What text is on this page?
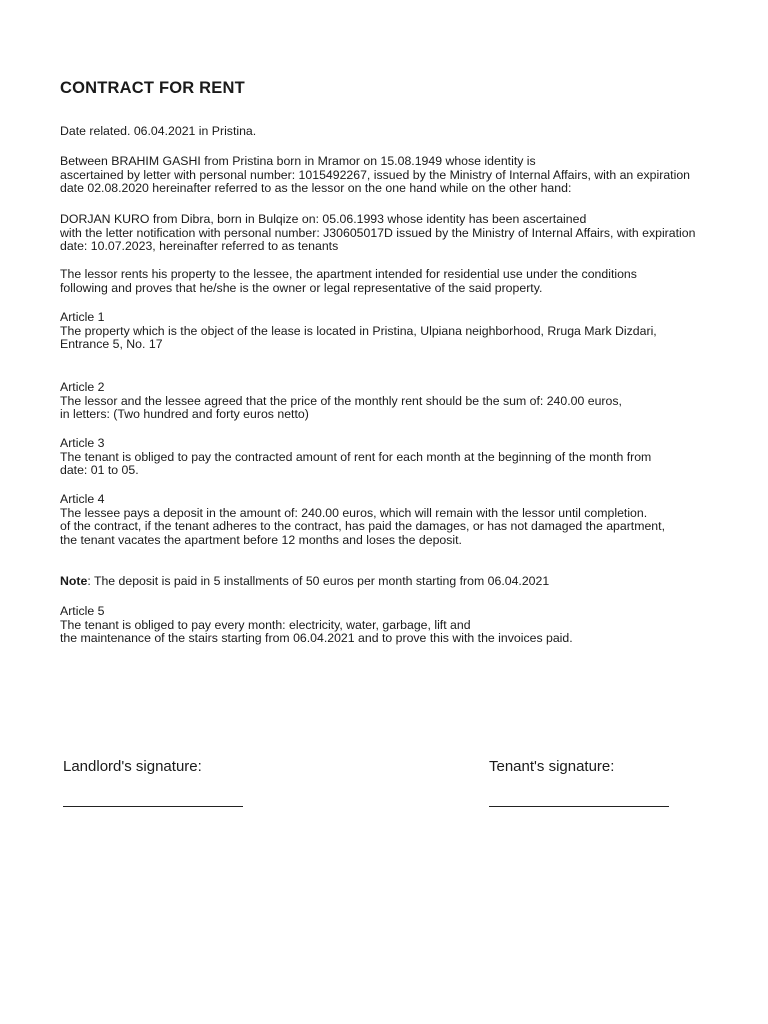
CONTRACT FOR RENT

Date related. 06.04.2021 in Pristina.

Between BRAHIM GASHI from Pristina born in Mramor on 15.08.1949 whose identity is
ascertained by letter with personal number: 1015492267, issued by the Ministry of Internal Affairs, with an expiration
date 02.08.2020 hereinafter referred to as the lessor on the one hand while on the other hand:
DORJAN KURO from Dibra, born in Bulqize on: 05.06.1993 whose identity has been ascertained
with the letter notification with personal number: J30605017D issued by the Ministry of Internal Affairs, with expiration
date: 10.07.2023, hereinafter referred to as tenants
The lessor rents his property to the lessee, the apartment intended for residential use under the conditions
following and proves that he/she is the owner or legal representative of the said property.
Article 1
The property which is the object of the lease is located in Pristina, Ulpiana neighborhood, Rruga Mark Dizdari,
Entrance 5, No. 17
Article 2
The lessor and the lessee agreed that the price of the monthly rent should be the sum of: 240.00 euros,
in letters: (Two hundred and forty euros netto)
Article 3
The tenant is obliged to pay the contracted amount of rent for each month at the beginning of the month from
date: 01 to 05.
Article 4
The lessee pays a deposit in the amount of: 240.00 euros, which will remain with the lessor until completion.
of the contract, if the tenant adheres to the contract, has paid the damages, or has not damaged the apartment,
the tenant vacates the apartment before 12 months and loses the deposit.

Note: The deposit is paid in 5 installments of 50 euros per month starting from 06.04.2021

Article 5
The tenant is obliged to pay every month: electricity, water, garbage, lift and
the maintenance of the stairs starting from 06.04.2021 and to prove this with the invoices paid.

Landlord's signature:	Tenant's signature:
